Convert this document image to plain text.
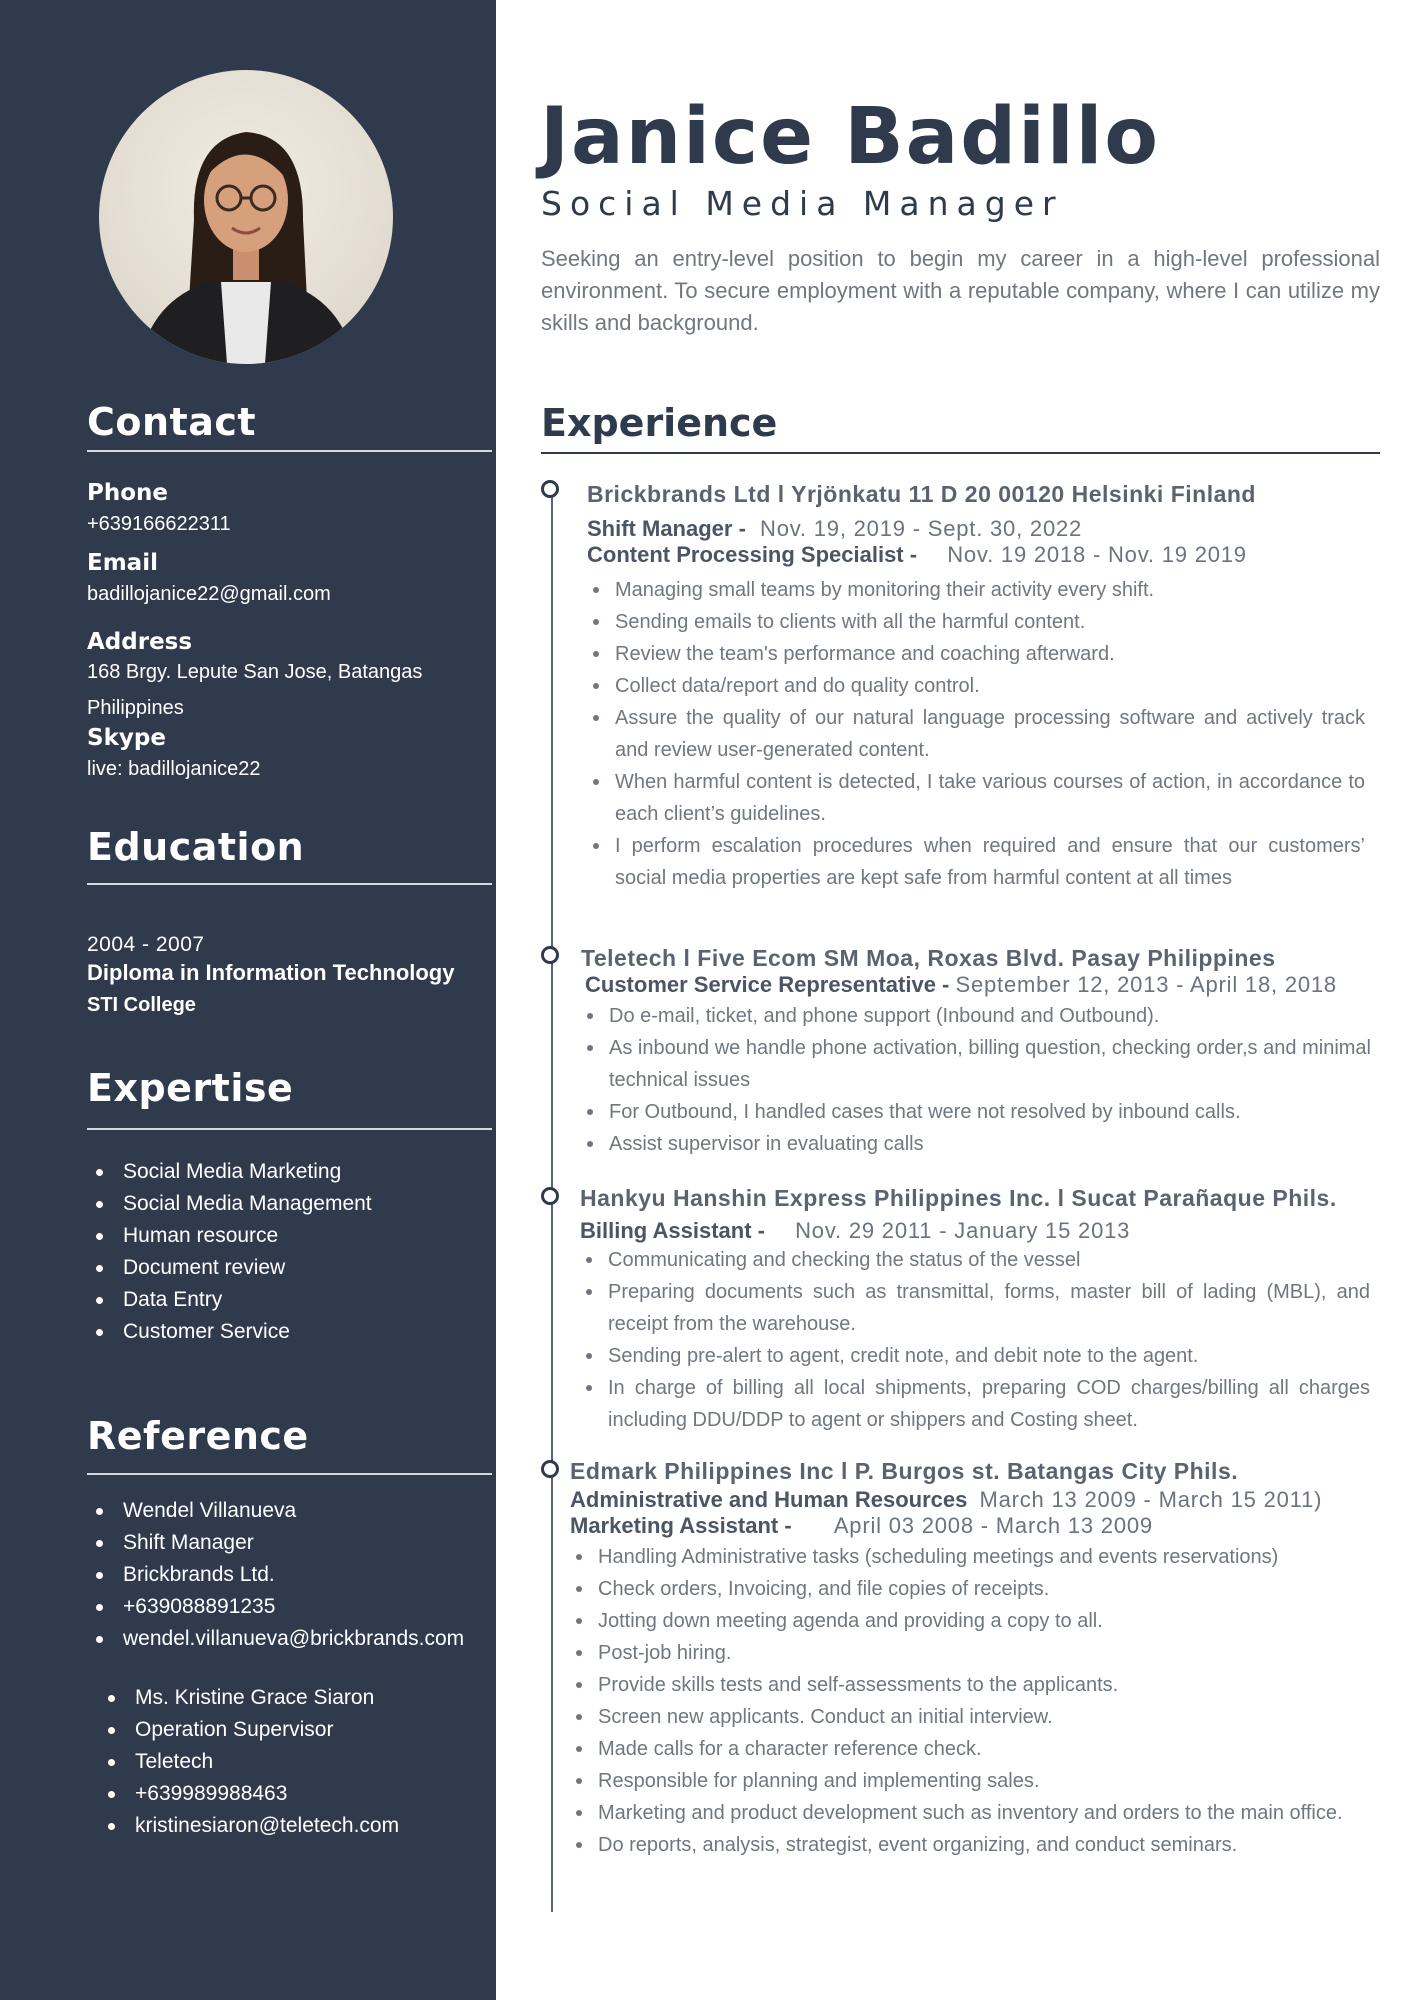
Contact
Phone
+639166622311
Email
badillojanice22@gmail.com
Address
168 Brgy. Lepute San Jose, Batangas Philippines
Skype
live: badillojanice22
Education
2004 - 2007
Diploma in Information Technology
STI College
Expertise
Social Media Marketing
Social Media Management
Human resource
Document review
Data Entry
Customer Service
Reference
Wendel Villanueva
Shift Manager
Brickbrands Ltd.
+639088891235
wendel.villanueva@brickbrands.com
Ms. Kristine Grace Siaron
Operation Supervisor
Teletech
+639989988463
kristinesiaron@teletech.com
Janice Badillo
Social Media Manager

Seeking an entry-level position to begin my career in a high-level professional environment. To secure employment with a reputable company, where I can utilize my skills and background.

Experience
Brickbrands Ltd l Yrjönkatu 11 D 20 00120 Helsinki Finland
Shift Manager - Nov. 19, 2019 - Sept. 30, 2022
Content Processing Specialist - Nov. 19 2018 - Nov. 19 2019
Managing small teams by monitoring their activity every shift.
Sending emails to clients with all the harmful content.
Review the team's performance and coaching afterward.
Collect data/report and do quality control.
Assure the quality of our natural language processing software and actively track and review user-generated content.
When harmful content is detected, I take various courses of action, in accordance to each client’s guidelines.
I perform escalation procedures when required and ensure that our customers’ social media properties are kept safe from harmful content at all times
Teletech l Five Ecom SM Moa, Roxas Blvd. Pasay Philippines
Customer Service Representative - September 12, 2013 - April 18, 2018
Do e-mail, ticket, and phone support (Inbound and Outbound).
As inbound we handle phone activation, billing question, checking order,s and minimal technical issues
For Outbound, I handled cases that were not resolved by inbound calls.
Assist supervisor in evaluating calls
Hankyu Hanshin Express Philippines Inc. l Sucat Parañaque Phils.
Billing Assistant - Nov. 29 2011 - January 15 2013
Communicating and checking the status of the vessel
Preparing documents such as transmittal, forms, master bill of lading (MBL), and receipt from the warehouse.
Sending pre-alert to agent, credit note, and debit note to the agent.
In charge of billing all local shipments, preparing COD charges/billing all charges including DDU/DDP to agent or shippers and Costing sheet.
Edmark Philippines Inc l P. Burgos st. Batangas City Phils.
Administrative and Human Resources March 13 2009 - March 15 2011)
Marketing Assistant - April 03 2008 - March 13 2009
Handling Administrative tasks (scheduling meetings and events reservations)
Check orders, Invoicing, and file copies of receipts.
Jotting down meeting agenda and providing a copy to all.
Post-job hiring.
Provide skills tests and self-assessments to the applicants.
Screen new applicants. Conduct an initial interview.
Made calls for a character reference check.
Responsible for planning and implementing sales.
Marketing and product development such as inventory and orders to the main office.
Do reports, analysis, strategist, event organizing, and conduct seminars.
